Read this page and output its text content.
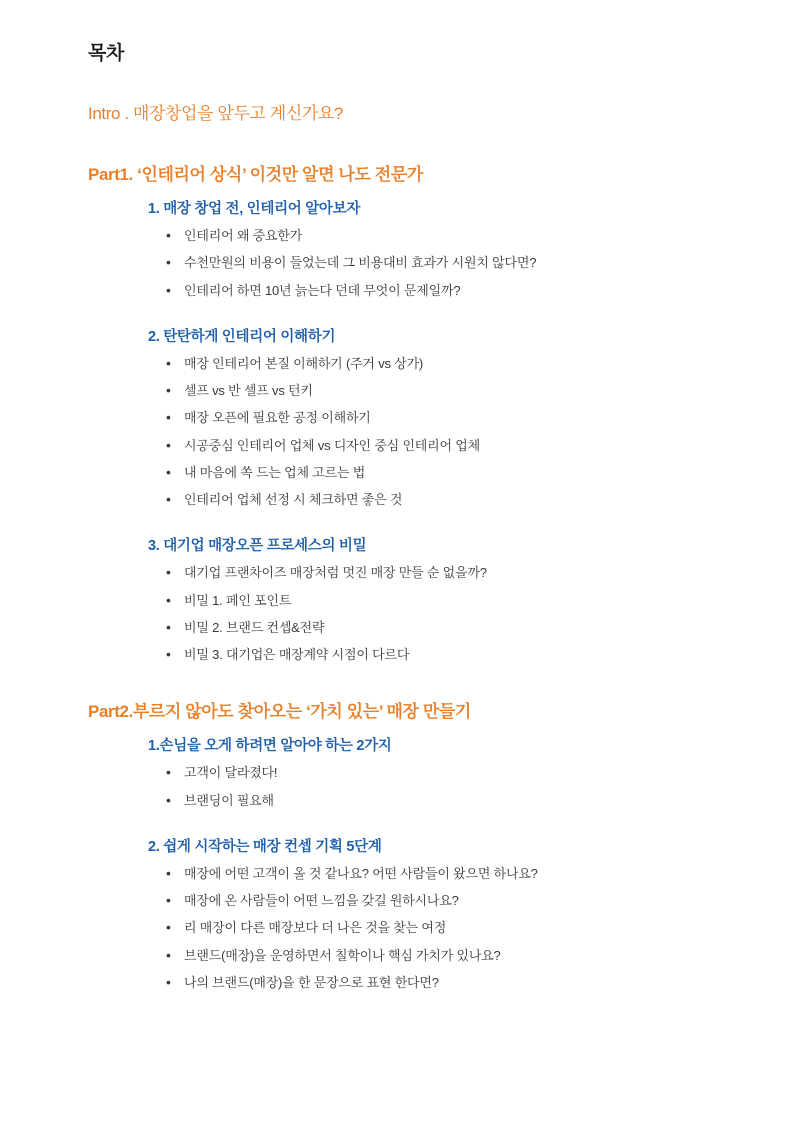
목차
Intro . 매장창업을 앞두고 계신가요?
Part1. ‘인테리어 상식’ 이것만 알면 나도 전문가
1. 매장 창업 전, 인테리어 알아보자
• 인테리어 왜 중요한가
• 수천만원의 비용이 들었는데 그 비용대비 효과가 시원치 않다면?
• 인테리어 하면 10년 늙는다 던데 무엇이 문제일까?
2. 탄탄하게 인테리어 이해하기
• 매장 인테리어 본질 이해하기 (주거 vs 상가)
• 셀프 vs 반 셀프 vs 턴키
• 매장 오픈에 필요한 공정 이해하기
• 시공중심 인테리어 업체 vs 디자인 중심 인테리어 업체
• 내 마음에 쏙 드는 업체 고르는 법
• 인테리어 업체 선정 시 체크하면 좋은 것
3. 대기업 매장오픈 프로세스의 비밀
• 대기업 프랜차이즈 매장처럼 멋진 매장 만들 순 없을까?
• 비밀 1. 페인 포인트
• 비밀 2. 브랜드 컨셉&전략
• 비밀 3. 대기업은 매장계약 시점이 다르다
Part2.부르지 않아도 찾아오는 ‘가치 있는’ 매장 만들기
1.손님을 오게 하려면 알아야 하는 2가지
• 고객이 달라졌다!
• 브랜딩이 필요해
2. 쉽게 시작하는 매장 컨셉 기획 5단계
• 매장에 어떤 고객이 올 것 같나요? 어떤 사람들이 왔으면 하나요?
• 매장에 온 사람들이 어떤 느낌을 갖길 원하시나요?
• 리 매장이 다른 매장보다 더 나은 것을 찾는 여정
• 브랜드(매장)을 운영하면서 칠학이나 핵심 가치가 있나요?
• 나의 브랜드(매장)을 한 문장으로 표현 한다면?
